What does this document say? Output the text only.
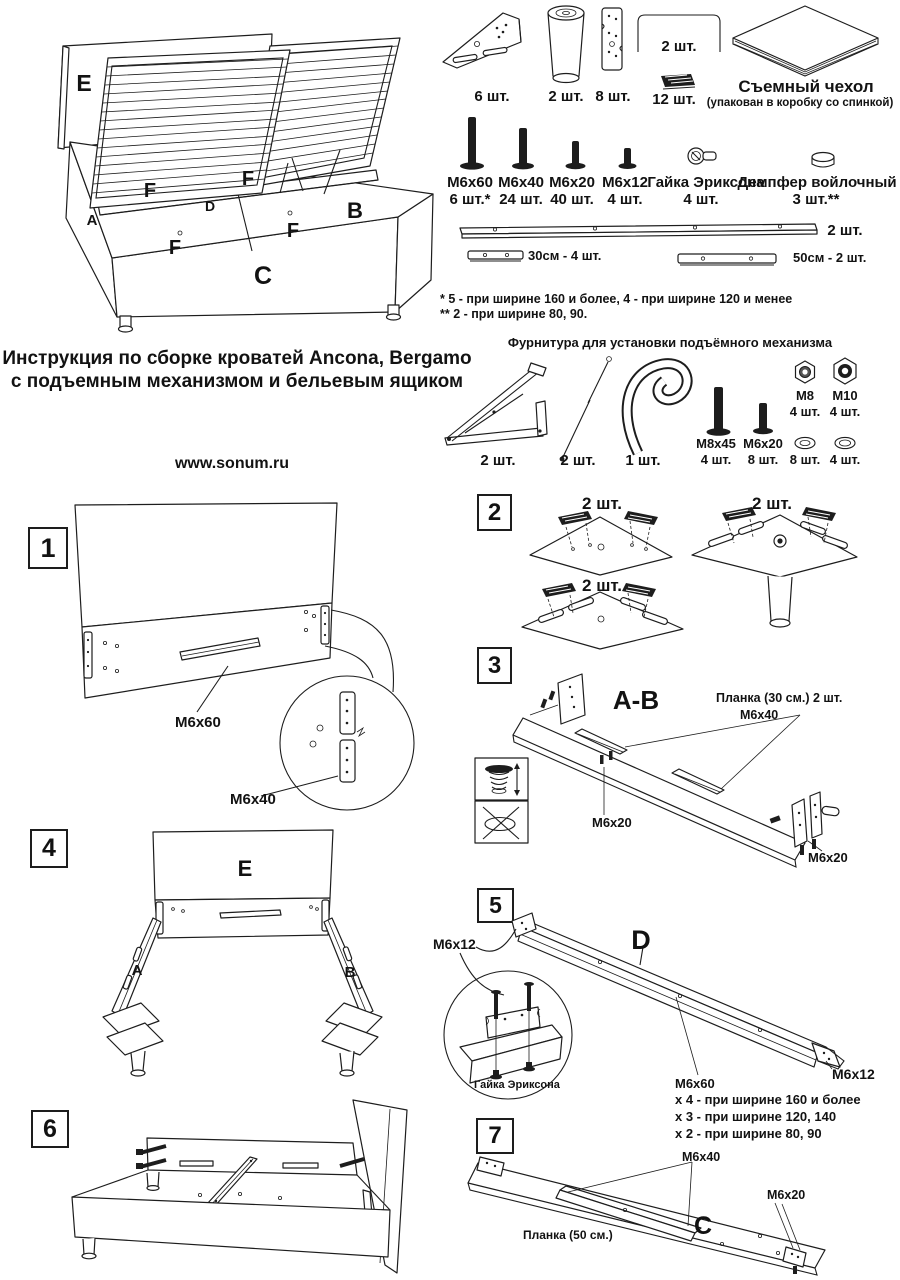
E
F
F
D
A	B
F
F
C
6 шт.	2 шт. 8 шт.
2 шт.
12 шт.
Съемный чехол
(упакован в коробку со спинкой)
M6x60
6 шт.*
M6x40
24 шт.
M6x20
40 шт.
M6x12
4 шт.
Гайка Эриксона
4 шт.
Демпфер войлочный
3 шт.**
2 шт.
30см - 4 шт.	50см - 2 шт.
* 5 - при ширине 160 и более, 4 - при ширине 120 и менее
** 2 - при ширине 80, 90.
Инструкция по сборке кроватей Ancona, Bergamo
с подъемным механизмом и бельевым ящиком
www.sonum.ru
Фурнитура для установки подъёмного механизма
2 шт.	2 шт. 1 шт.
M8x45
4 шт.
M6x20
8 шт.
M8
4 шт.
M10
4 шт.
8 шт. 4 шт.
1
M6x60
M6x40
2	2 шт.	2 шт.
2 шт.
3
A-B	Планка (30 см.) 2 шт.
M6x40
M6x20
M6x20
4
E
A	B
5
M6x12	D
M6x12
Гайка Эриксона	M6x60
x 4 - при ширине 160 и более
x 3 - при ширине 120, 140
x 2 - при ширине 80, 90
6	7
M6x40
M6x20
C
Планка (50 см.)
